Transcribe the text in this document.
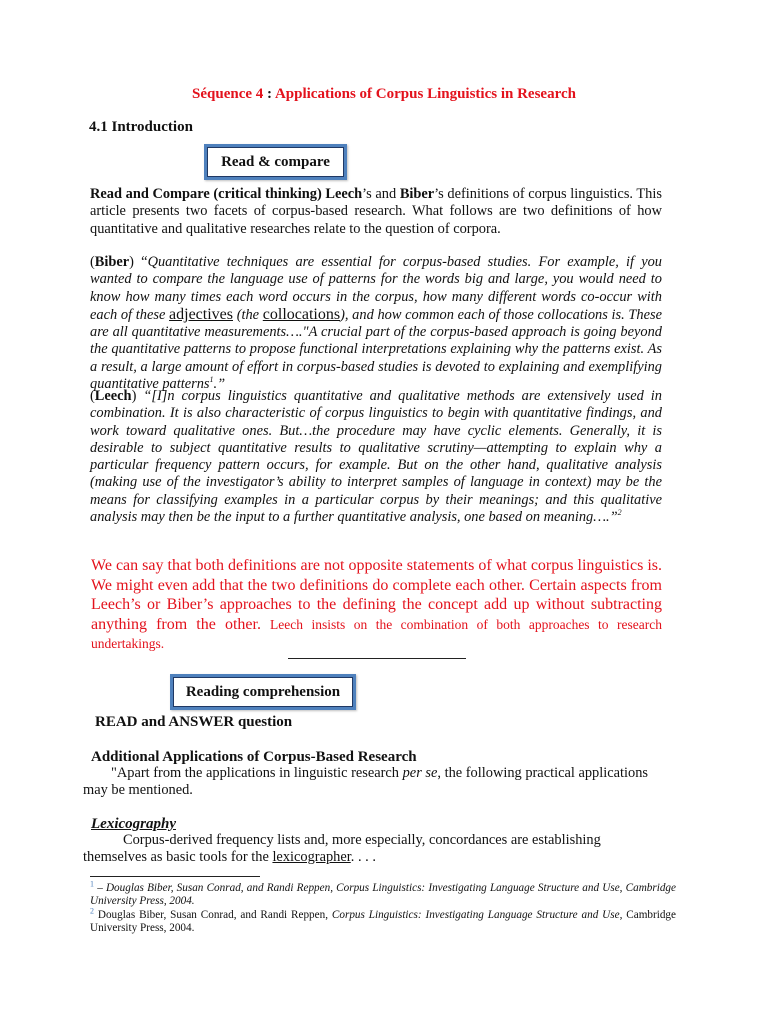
Séquence 4 : Applications of Corpus Linguistics in Research
4.1 Introduction
Read & compare
Read and Compare (critical thinking) Leech’s and Biber’s definitions of corpus linguistics. This article presents two facets of corpus-based research. What follows are two definitions of how quantitative and qualitative researches relate to the question of corpora.
(Biber) “Quantitative techniques are essential for corpus-based studies. For example, if you wanted to compare the language use of patterns for the words big and large, you would need to know how many times each word occurs in the corpus, how many different words co-occur with each of these adjectives (the collocations), and how common each of those collocations is. These are all quantitative measurements…."A crucial part of the corpus-based approach is going beyond the quantitative patterns to propose functional interpretations explaining why the patterns exist. As a result, a large amount of effort in corpus-based studies is devoted to explaining and exemplifying quantitative patterns$^1$.”
(Leech) “[I]n corpus linguistics quantitative and qualitative methods are extensively used in combination. It is also characteristic of corpus linguistics to begin with quantitative findings, and work toward qualitative ones. But…the procedure may have cyclic elements. Generally, it is desirable to subject quantitative results to qualitative scrutiny—attempting to explain why a particular frequency pattern occurs, for example. But on the other hand, qualitative analysis (making use of the investigator’s ability to interpret samples of language in context) may be the means for classifying examples in a particular corpus by their meanings; and this qualitative analysis may then be the input to a further quantitative analysis, one based on meaning….”$^2$
We can say that both definitions are not opposite statements of what corpus linguistics is. We might even add that the two definitions do complete each other. Certain aspects from Leech’s or Biber’s approaches to the defining the concept add up without subtracting anything from the other. Leech insists on the combination of both approaches to research undertakings.
Reading comprehension
READ and ANSWER question
Additional Applications of Corpus-Based Research
"Apart from the applications in linguistic research per se, the following practical applications may be mentioned.
Lexicography
Corpus-derived frequency lists and, more especially, concordances are establishing themselves as basic tools for the lexicographer. . . .
$^1$ – Douglas Biber, Susan Conrad, and Randi Reppen, Corpus Linguistics: Investigating Language Structure and Use, Cambridge University Press, 2004.
$^2$ Douglas Biber, Susan Conrad, and Randi Reppen, Corpus Linguistics: Investigating Language Structure and Use, Cambridge University Press, 2004.
